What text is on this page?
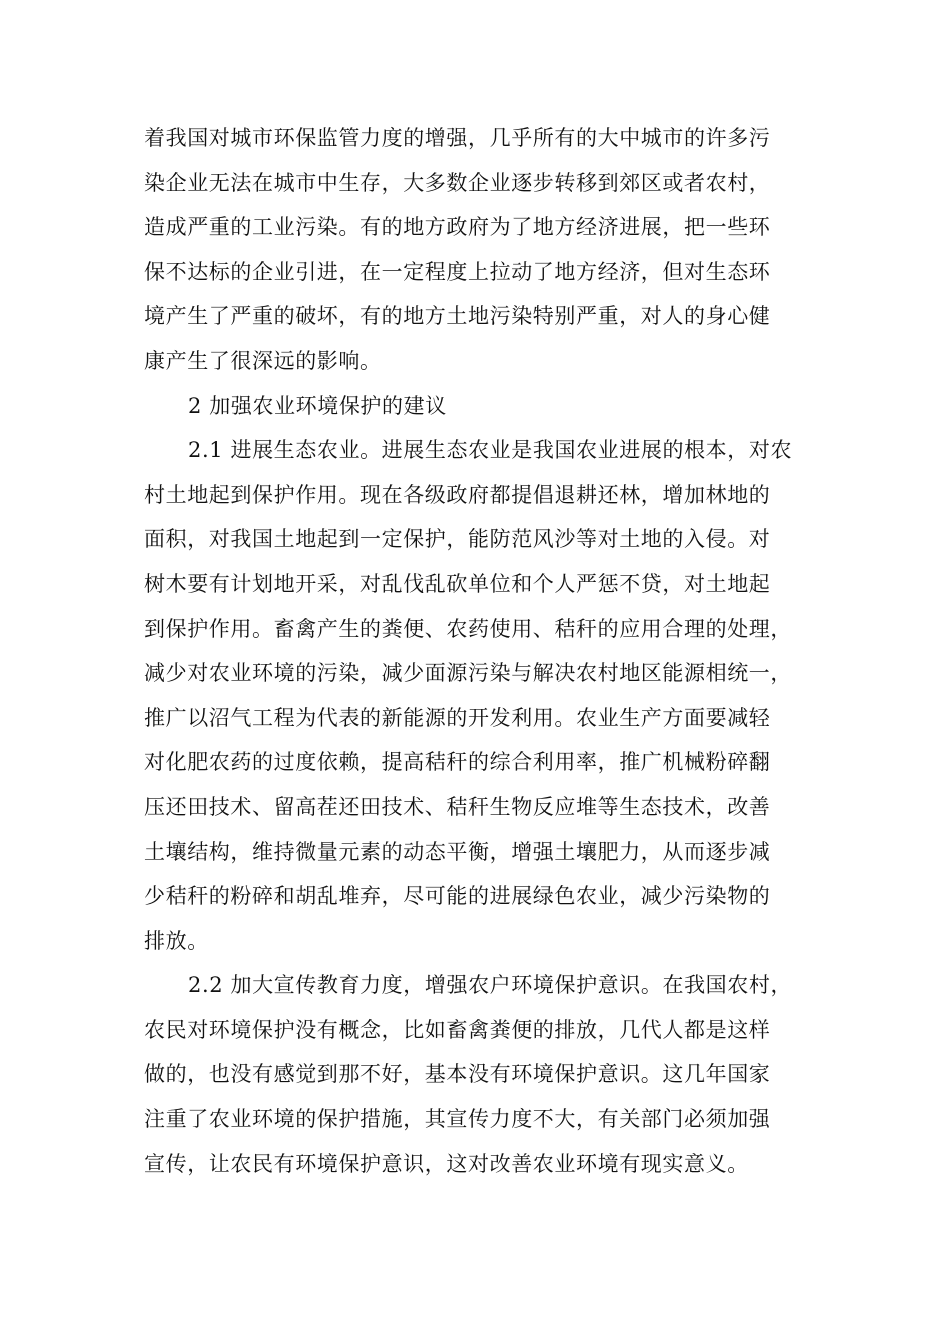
着我国对城市环保监管力度的增强，几乎所有的大中城市的许多污
染企业无法在城市中生存，大多数企业逐步转移到郊区或者农村，
造成严重的工业污染。有的地方政府为了地方经济进展，把一些环
保不达标的企业引进，在一定程度上拉动了地方经济，但对生态环
境产生了严重的破坏，有的地方土地污染特别严重，对人的身心健
康产生了很深远的影响。
2 加强农业环境保护的建议
2.1 进展生态农业。进展生态农业是我国农业进展的根本，对农
村土地起到保护作用。现在各级政府都提倡退耕还林，增加林地的
面积，对我国土地起到一定保护，能防范风沙等对土地的入侵。对
树木要有计划地开采，对乱伐乱砍单位和个人严惩不贷，对土地起
到保护作用。畜禽产生的粪便、农药使用、秸秆的应用合理的处理，
减少对农业环境的污染，减少面源污染与解决农村地区能源相统一，
推广以沼气工程为代表的新能源的开发利用。农业生产方面要减轻
对化肥农药的过度依赖，提高秸秆的综合利用率，推广机械粉碎翻
压还田技术、留高茬还田技术、秸秆生物反应堆等生态技术，改善
土壤结构，维持微量元素的动态平衡，增强土壤肥力，从而逐步减
少秸秆的粉碎和胡乱堆弃，尽可能的进展绿色农业，减少污染物的
排放。
2.2 加大宣传教育力度，增强农户环境保护意识。在我国农村，
农民对环境保护没有概念，比如畜禽粪便的排放，几代人都是这样
做的，也没有感觉到那不好，基本没有环境保护意识。这几年国家
注重了农业环境的保护措施，其宣传力度不大，有关部门必须加强
宣传，让农民有环境保护意识，这对改善农业环境有现实意义。
